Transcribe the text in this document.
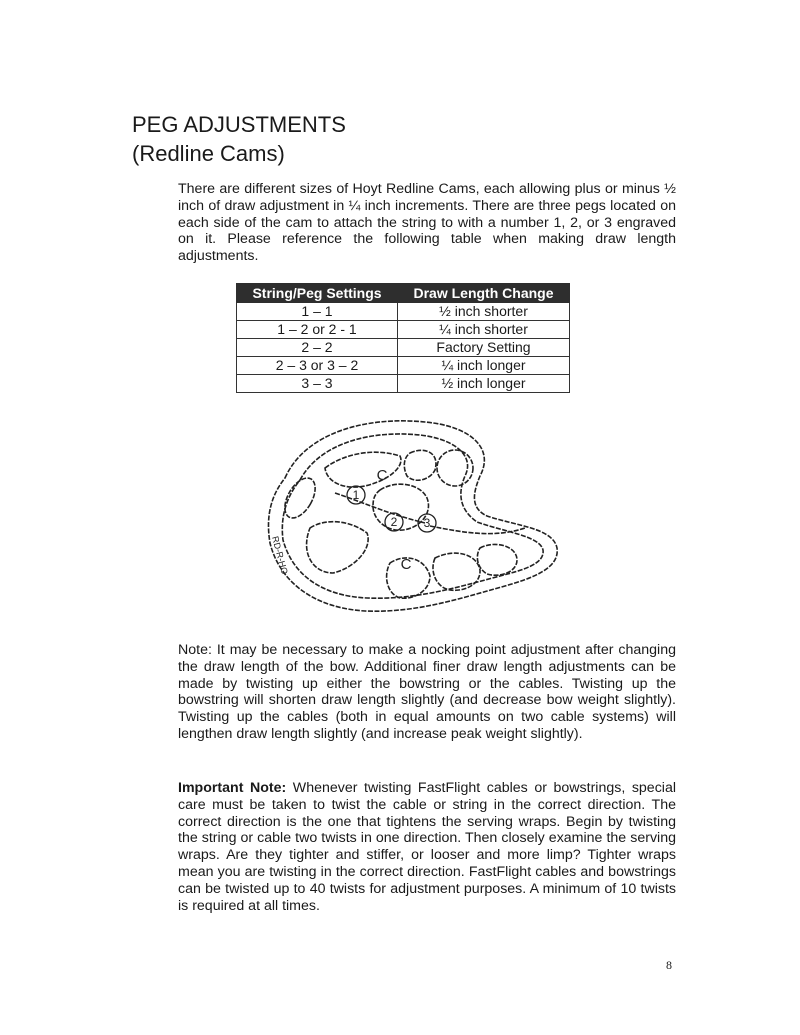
PEG ADJUSTMENTS
(Redline Cams)

There are different sizes of Hoyt Redline Cams, each allowing plus or minus ½ inch of draw adjustment in ¼ inch increments. There are three pegs located on each side of the cam to attach the string to with a number 1, 2, or 3 engraved on it. Please reference the following table when making draw length adjustments.

String/Peg Settings	Draw Length Change
1 – 1	½ inch shorter
1 – 2 or 2 - 1	¼ inch shorter
2 – 2	Factory Setting
2 – 3 or 3 – 2	¼ inch longer
3 – 3	½ inch longer
1
2 3
C
C
RD-R-HO

Note: It may be necessary to make a nocking point adjustment after changing the draw length of the bow. Additional finer draw length adjustments can be made by twisting up either the bowstring or the cables. Twisting up the bowstring will shorten draw length slightly (and decrease bow weight slightly). Twisting up the cables (both in equal amounts on two cable systems) will lengthen draw length slightly (and increase peak weight slightly).

Important Note: Whenever twisting FastFlight cables or bowstrings, special care must be taken to twist the cable or string in the correct direction. The correct direction is the one that tightens the serving wraps. Begin by twisting the string or cable two twists in one direction. Then closely examine the serving wraps. Are they tighter and stiffer, or looser and more limp? Tighter wraps mean you are twisting in the correct direction. FastFlight cables and bowstrings can be twisted up to 40 twists for adjustment purposes. A minimum of 10 twists is required at all times.

8
